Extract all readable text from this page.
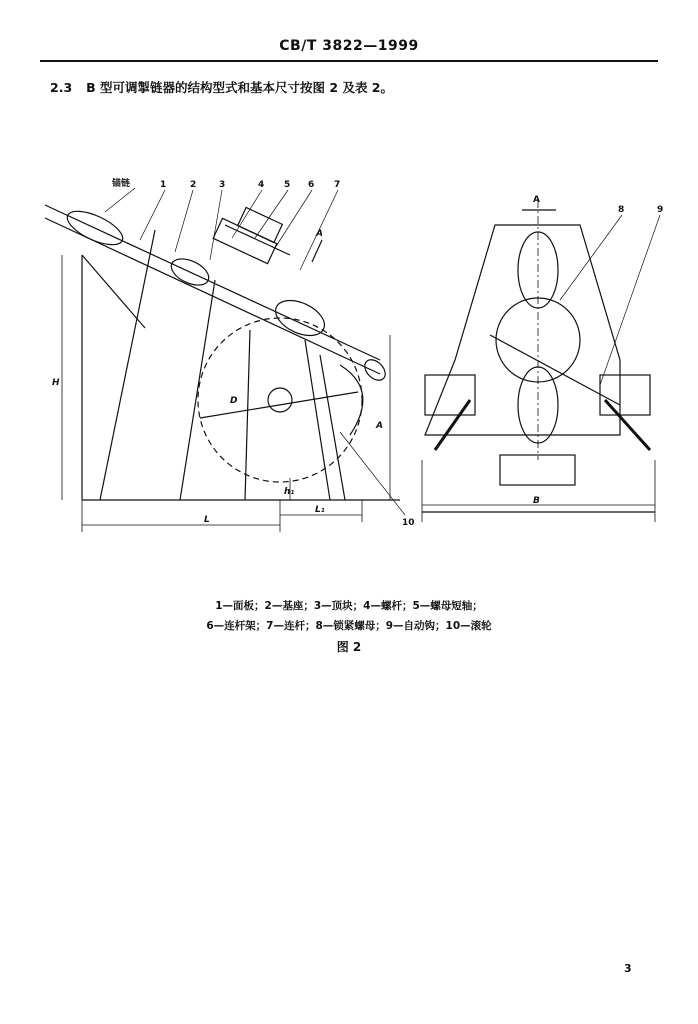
CB/T 3822—1999
2.3 B 型可调掣链器的结构型式和基本尺寸按图 2 及表 2。
锚链	1	2	3	4 5 6 7
8	9
10
H
A
D
L
L₁
h₁
B
A
A
1—面板；2—基座；3—顶块；4—螺杆；5—螺母短轴；
6—连杆架；7—连杆；8—锁紧螺母；9—自动钩；10—滚轮
图 2
3
